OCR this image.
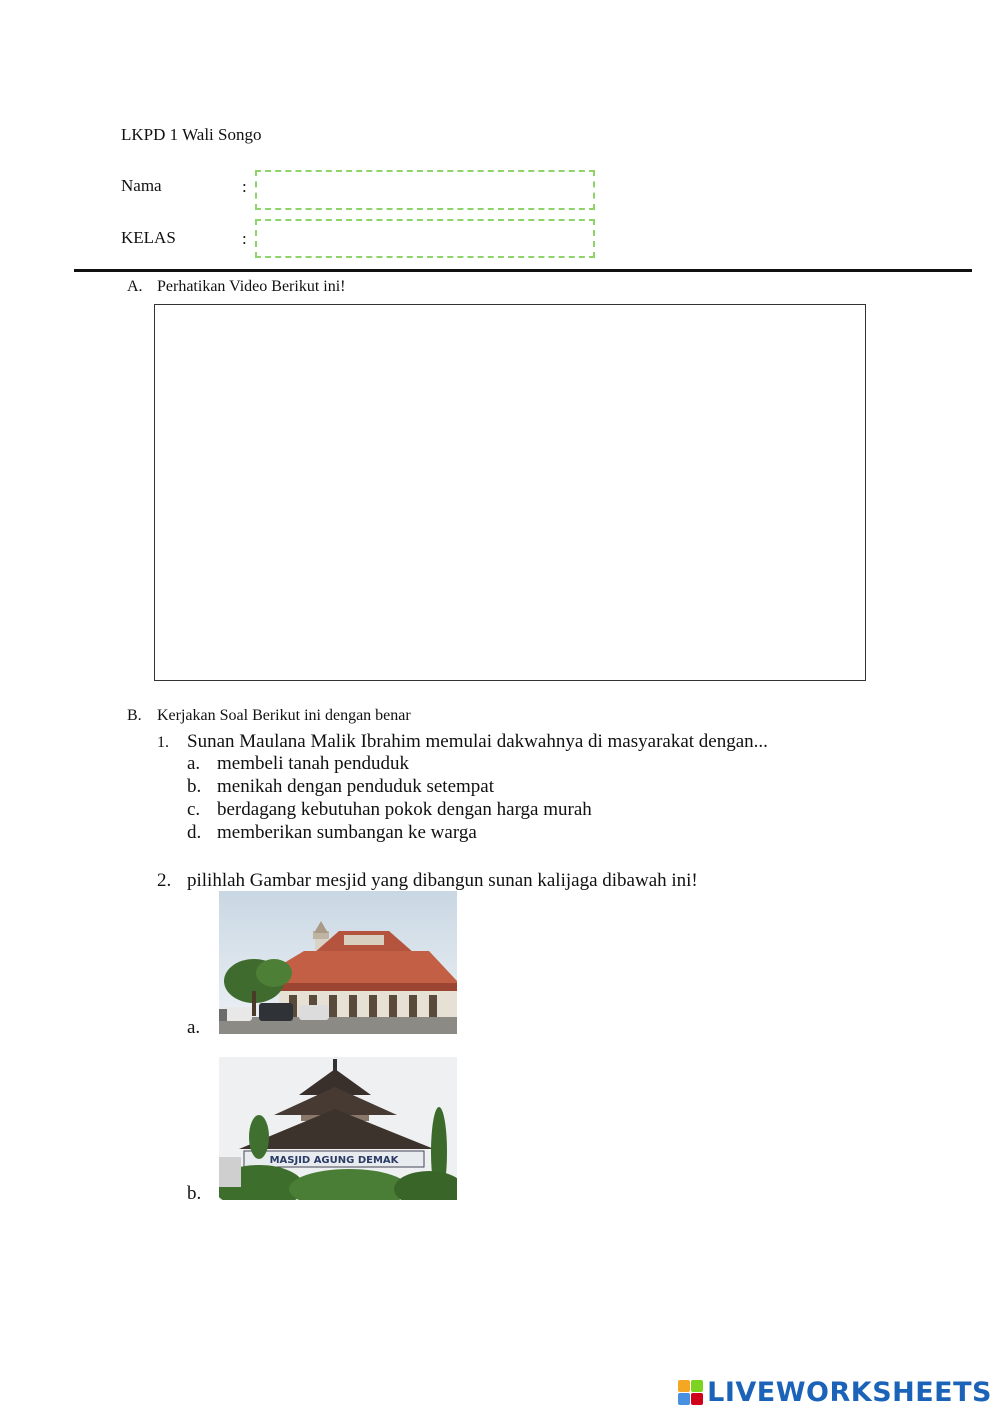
LKPD 1 Wali Songo
Nama	:
KELAS	:
A. Perhatikan Video Berikut ini!
B. Kerjakan Soal Berikut ini dengan benar
1. Sunan Maulana Malik Ibrahim memulai dakwahnya di masyarakat dengan...
a. membeli tanah penduduk
b. menikah dengan penduduk setempat
c. berdagang kebutuhan pokok dengan harga murah
d. memberikan sumbangan ke warga
2. pilihlah Gambar mesjid yang dibangun sunan kalijaga dibawah ini!
a.
b.
MASJID AGUNG DEMAK
LIVEWORKSHEETS
